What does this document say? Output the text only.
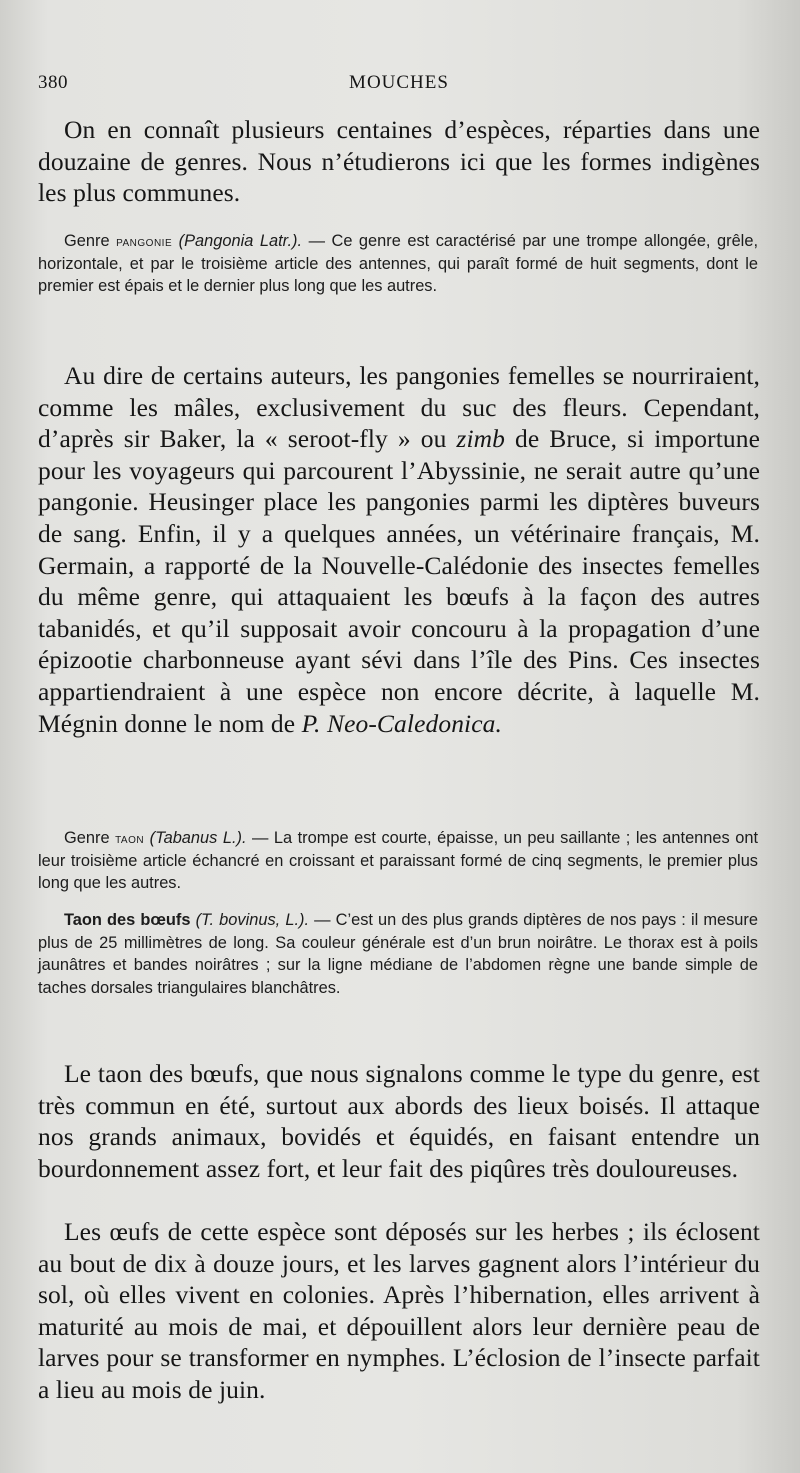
380	MOUCHES

On en connaît plusieurs centaines d’espèces, réparties dans une douzaine de genres. Nous n’étudierons ici que les formes indigènes les plus communes.

Genre pangonie (Pangonia Latr.). — Ce genre est caractérisé par une trompe allongée, grêle, horizontale, et par le troisième article des antennes, qui paraît formé de huit segments, dont le premier est épais et le dernier plus long que les autres.

Au dire de certains auteurs, les pangonies femelles se nourriraient, comme les mâles, exclusivement du suc des fleurs. Cependant, d’après sir Baker, la « seroot-fly » ou zimb de Bruce, si importune pour les voyageurs qui parcourent l’Abyssinie, ne serait autre qu’une pangonie. Heusinger place les pangonies parmi les diptères buveurs de sang. Enfin, il y a quelques années, un vétérinaire français, M. Germain, a rapporté de la Nouvelle-Calédonie des insectes femelles du même genre, qui attaquaient les bœufs à la façon des autres tabanidés, et qu’il supposait avoir concouru à la propagation d’une épizootie charbonneuse ayant sévi dans l’île des Pins. Ces insectes appartiendraient à une espèce non encore décrite, à laquelle M. Mégnin donne le nom de P. Neo-Caledonica.

Genre taon (Tabanus L.). — La trompe est courte, épaisse, un peu saillante ; les antennes ont leur troisième article échancré en croissant et paraissant formé de cinq segments, le premier plus long que les autres.

Taon des bœufs (T. bovinus, L.). — C’est un des plus grands diptères de nos pays : il mesure plus de 25 millimètres de long. Sa couleur générale est d’un brun noirâtre. Le thorax est à poils jaunâtres et bandes noirâtres ; sur la ligne médiane de l’abdomen règne une bande simple de taches dorsales triangulaires blanchâtres.

Le taon des bœufs, que nous signalons comme le type du genre, est très commun en été, surtout aux abords des lieux boisés. Il attaque nos grands animaux, bovidés et équidés, en faisant entendre un bourdonnement assez fort, et leur fait des piqûres très douloureuses.

Les œufs de cette espèce sont déposés sur les herbes ; ils éclosent au bout de dix à douze jours, et les larves gagnent alors l’intérieur du sol, où elles vivent en colonies. Après l’hibernation, elles arrivent à maturité au mois de mai, et dépouillent alors leur dernière peau de larves pour se transformer en nymphes. L’éclosion de l’insecte parfait a lieu au mois de juin.
